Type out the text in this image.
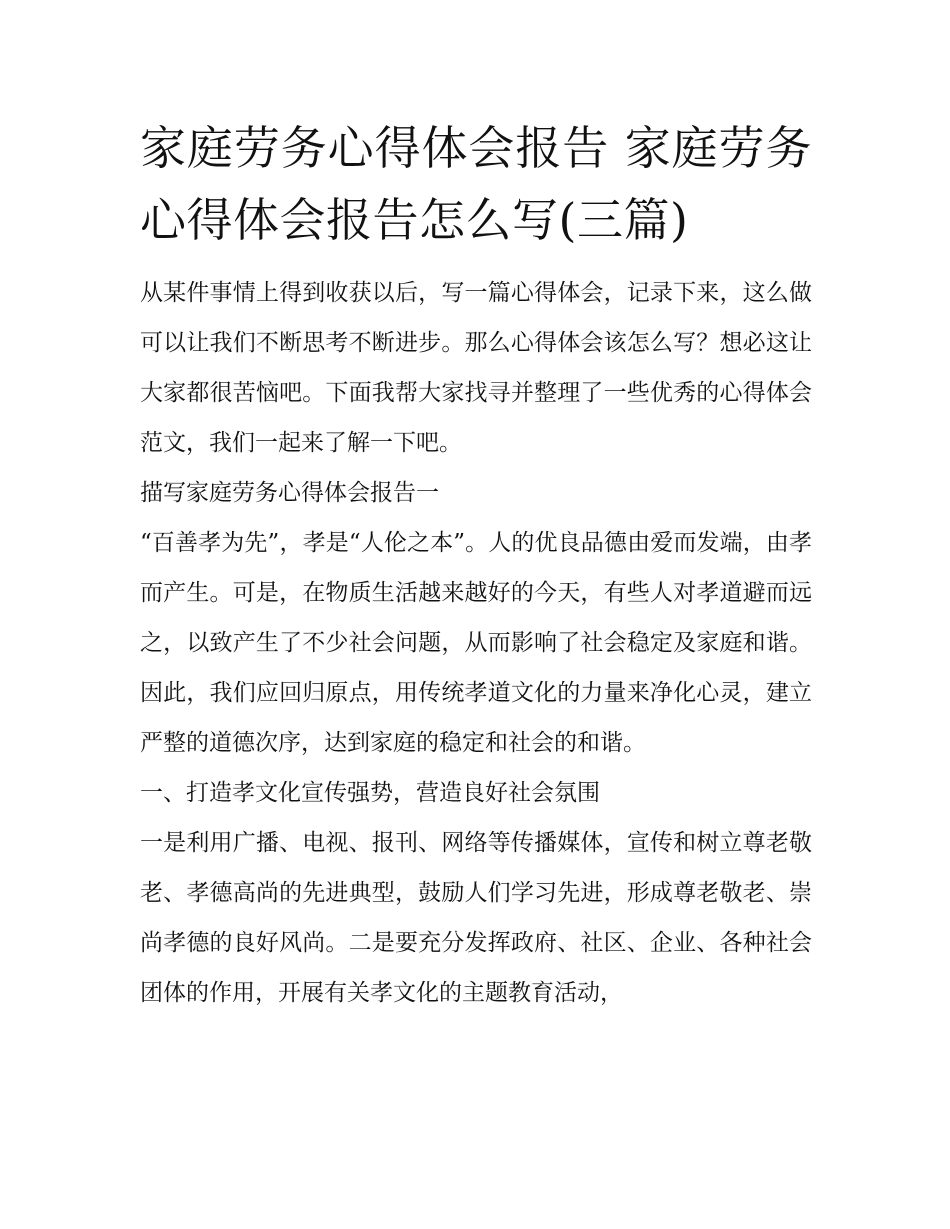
家庭劳务心得体会报告 家庭劳务心得体会报告怎么写(三篇)

从某件事情上得到收获以后，写一篇心得体会，记录下来，这么做可以让我们不断思考不断进步。那么心得体会该怎么写？想必这让大家都很苦恼吧。下面我帮大家找寻并整理了一些优秀的心得体会范文，我们一起来了解一下吧。

描写家庭劳务心得体会报告一

“百善孝为先”，孝是“人伦之本”。人的优良品德由爱而发端，由孝而产生。可是，在物质生活越来越好的今天，有些人对孝道避而远之，以致产生了不少社会问题，从而影响了社会稳定及家庭和谐。因此，我们应回归原点，用传统孝道文化的力量来净化心灵，建立严整的道德次序，达到家庭的稳定和社会的和谐。

一、打造孝文化宣传强势，营造良好社会氛围

一是利用广播、电视、报刊、网络等传播媒体，宣传和树立尊老敬老、孝德高尚的先进典型，鼓励人们学习先进，形成尊老敬老、崇尚孝德的良好风尚。二是要充分发挥政府、社区、企业、各种社会团体的作用，开展有关孝文化的主题教育活动，
